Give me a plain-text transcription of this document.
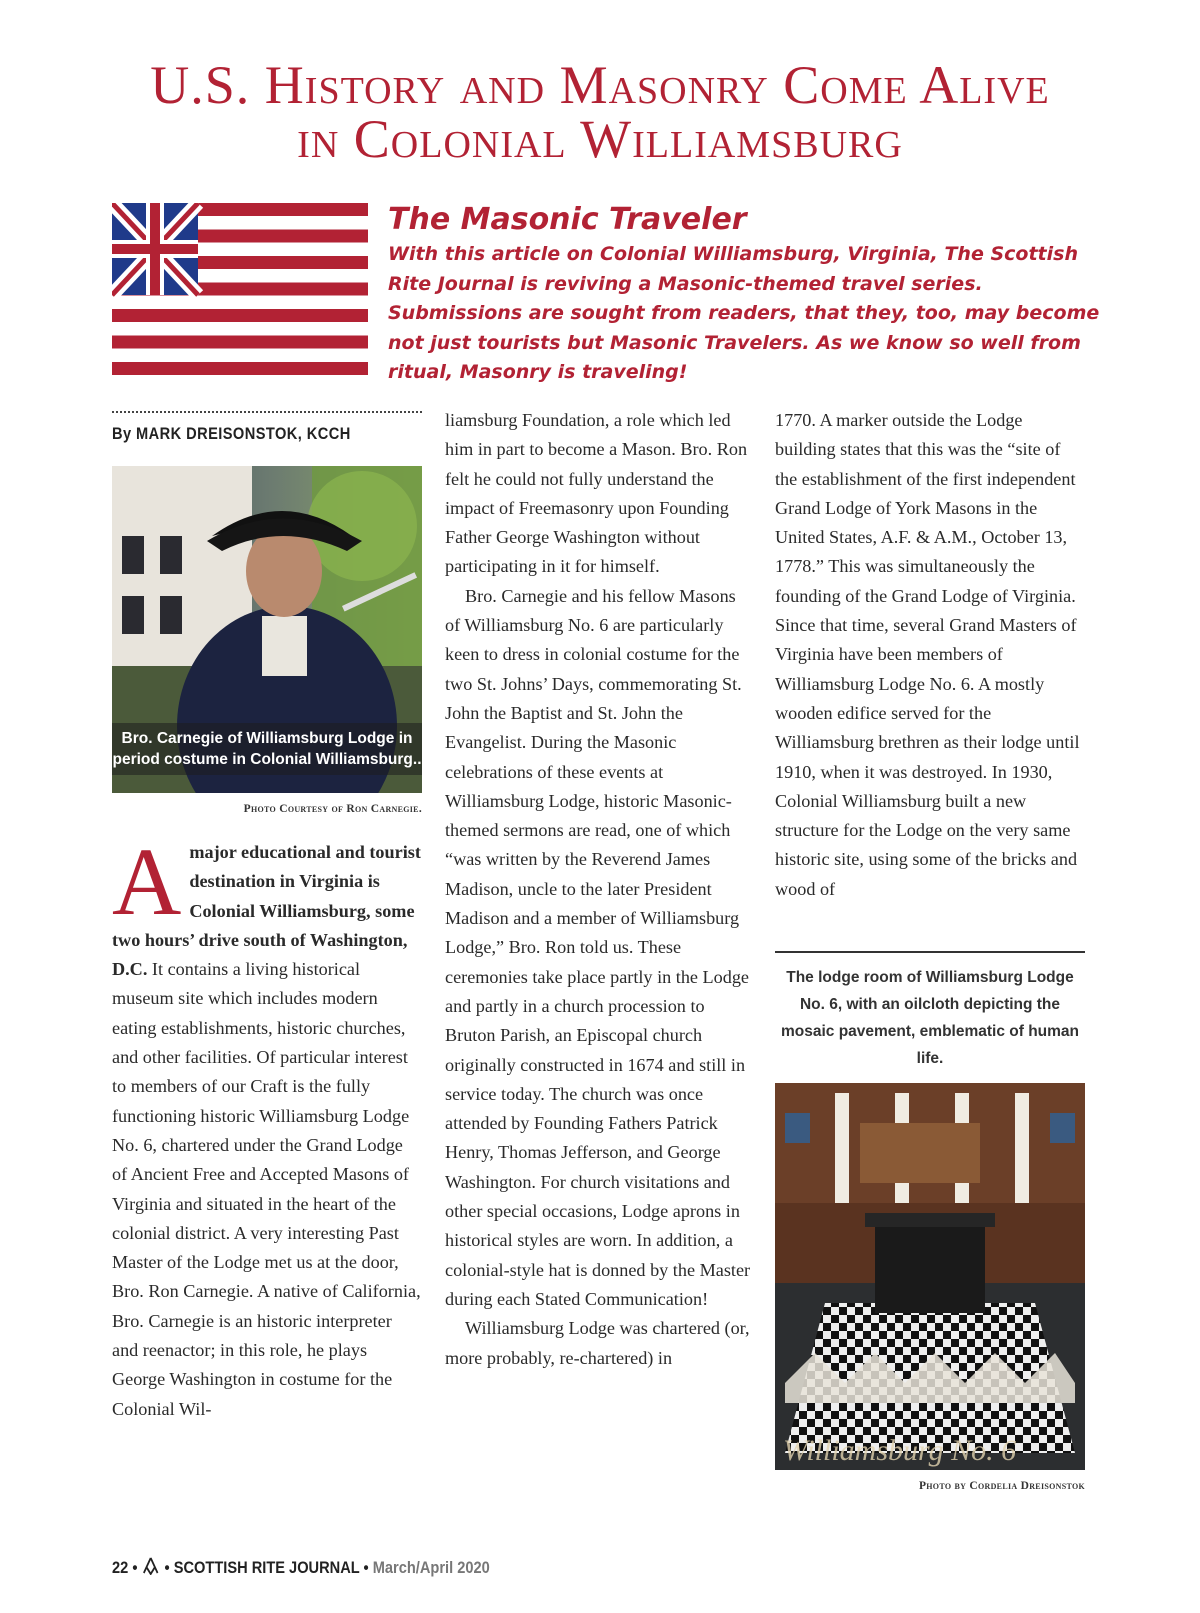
U.S. History and Masonry Come Alive
in Colonial Williamsburg
The Masonic Traveler
With this article on Colonial Williamsburg, Virginia, The Scottish Rite Journal is reviving a Masonic-themed travel series. Submissions are sought from readers, that they, too, may become not just tourists but Masonic Travelers. As we know so well from ritual, Masonry is traveling!
By MARK DREISONSTOK, KCCH
Bro. Carnegie of Williamsburg Lodge in period costume in Colonial Williamsburg..
Photo Courtesy of Ron Carnegie.

A major educational and tourist destination in Virginia is Colonial Williamsburg, some two hours’ drive south of Washington, D.C. It contains a living historical museum site which includes modern eating establishments, historic churches, and other facilities. Of particular interest to members of our Craft is the fully functioning historic Williamsburg Lodge No. 6, chartered under the Grand Lodge of Ancient Free and Accepted Masons of Virginia and situated in the heart of the colonial district. A very interesting Past Master of the Lodge met us at the door, Bro. Ron Carnegie. A native of California, Bro. Carnegie is an historic interpreter and reenactor; in this role, he plays George Washington in costume for the Colonial Wil-

liamsburg Foundation, a role which led him in part to become a Mason. Bro. Ron felt he could not fully understand the impact of Freemasonry upon Founding Father George Washington without participating in it for himself.

Bro. Carnegie and his fellow Masons of Williamsburg No. 6 are particularly keen to dress in colonial costume for the two St. Johns’ Days, commemorating St. John the Baptist and St. John the Evangelist. During the Masonic celebrations of these events at Williamsburg Lodge, historic Masonic-themed sermons are read, one of which “was written by the Reverend James Madison, uncle to the later President Madison and a member of Williamsburg Lodge,” Bro. Ron told us. These ceremonies take place partly in the Lodge and partly in a church procession to Bruton Parish, an Episcopal church originally constructed in 1674 and still in service today. The church was once attended by Founding Fathers Patrick Henry, Thomas Jefferson, and George Washington. For church visitations and other special occasions, Lodge aprons in historical styles are worn. In addition, a colonial-style hat is donned by the Master during each Stated Communication!

Williamsburg Lodge was chartered (or, more probably, re-chartered) in

1770. A marker outside the Lodge building states that this was the “site of the establishment of the first independent Grand Lodge of York Masons in the United States, A.F. & A.M., October 13, 1778.” This was simultaneously the founding of the Grand Lodge of Virginia. Since that time, several Grand Masters of Virginia have been members of Williamsburg Lodge No. 6. A mostly wooden edifice served for the Williamsburg brethren as their lodge until 1910, when it was destroyed. In 1930, Colonial Williamsburg built a new structure for the Lodge on the very same historic site, using some of the bricks and wood of

The lodge room of Williamsburg Lodge No. 6, with an oilcloth depicting the mosaic pavement, emblematic of human life.
Williamsburg No. 6
Photo by Cordelia Dreisonstok
22 •  • SCOTTISH RITE JOURNAL • March/April 2020
